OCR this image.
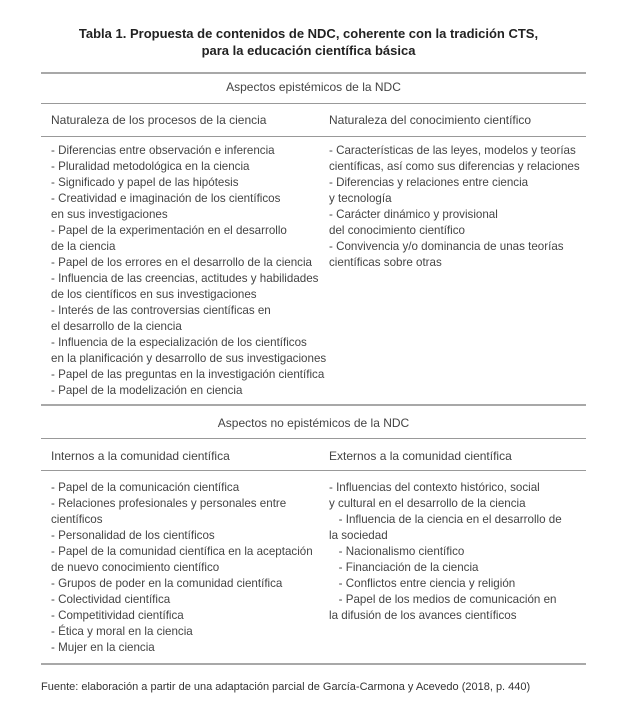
Tabla 1. Propuesta de contenidos de NDC, coherente con la tradición CTS,
para la educación científica básica
Aspectos epistémicos de la NDC
Naturaleza de los procesos de la ciencia	Naturaleza del conocimiento científico
- Diferencias entre observación e inferencia
- Pluralidad metodológica en la ciencia
- Significado y papel de las hipótesis
- Creatividad e imaginación de los científicos
en sus investigaciones
- Papel de la experimentación en el desarrollo
de la ciencia
- Papel de los errores en el desarrollo de la ciencia
- Influencia de las creencias, actitudes y habilidades
de los científicos en sus investigaciones
- Interés de las controversias científicas en
el desarrollo de la ciencia
- Influencia de la especialización de los científicos
en la planificación y desarrollo de sus investigaciones
- Papel de las preguntas en la investigación científica
- Papel de la modelización en ciencia
- Características de las leyes, modelos y teorías
científicas, así como sus diferencias y relaciones
- Diferencias y relaciones entre ciencia
y tecnología
- Carácter dinámico y provisional
del conocimiento científico
- Convivencia y/o dominancia de unas teorías
científicas sobre otras
Aspectos no epistémicos de la NDC
Internos a la comunidad científica	Externos a la comunidad científica
- Papel de la comunicación científica
- Relaciones profesionales y personales entre
científicos
- Personalidad de los científicos
- Papel de la comunidad científica en la aceptación
de nuevo conocimiento científico
- Grupos de poder en la comunidad científica
- Colectividad científica
- Competitividad científica
- Ética y moral en la ciencia
- Mujer en la ciencia
- Influencias del contexto histórico, social
y cultural en el desarrollo de la ciencia
- Influencia de la ciencia en el desarrollo de
la sociedad
- Nacionalismo científico
- Financiación de la ciencia
- Conflictos entre ciencia y religión
- Papel de los medios de comunicación en
la difusión de los avances científicos
Fuente: elaboración a partir de una adaptación parcial de García-Carmona y Acevedo (2018, p. 440)
